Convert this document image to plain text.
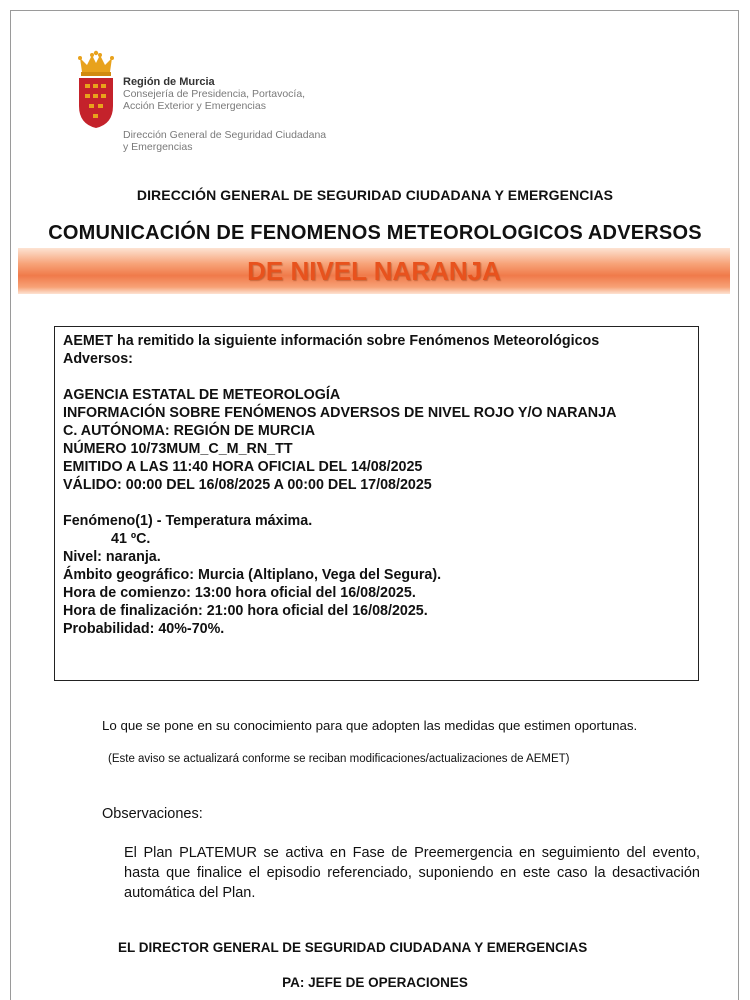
Región de Murcia
Consejería de Presidencia, Portavocía,
Acción Exterior y Emergencias
Dirección General de Seguridad Ciudadana
y Emergencias
DIRECCIÓN GENERAL DE SEGURIDAD CIUDADANA Y EMERGENCIAS
COMUNICACIÓN DE FENOMENOS METEOROLOGICOS ADVERSOS
DE NIVEL NARANJA

AEMET ha remitido la siguiente información sobre Fenómenos Meteorológicos

Adversos:

AGENCIA ESTATAL DE METEOROLOGÍA

INFORMACIÓN SOBRE FENÓMENOS ADVERSOS DE NIVEL ROJO Y/O NARANJA

C. AUTÓNOMA: REGIÓN DE MURCIA

NÚMERO 10/73MUM_C_M_RN_TT

EMITIDO A LAS 11:40 HORA OFICIAL DEL 14/08/2025

VÁLIDO: 00:00 DEL 16/08/2025 A 00:00 DEL 17/08/2025

Fenómeno(1) - Temperatura máxima.

41 ºC.

Nivel: naranja.

Ámbito geográfico: Murcia (Altiplano, Vega del Segura).

Hora de comienzo: 13:00 hora oficial del 16/08/2025.

Hora de finalización: 21:00 hora oficial del 16/08/2025.

Probabilidad: 40%-70%.

Lo que se pone en su conocimiento para que adopten las medidas que estimen oportunas.
(Este aviso se actualizará conforme se reciban modificaciones/actualizaciones de AEMET)
Observaciones:
El Plan PLATEMUR se activa en Fase de Preemergencia en seguimiento del evento, hasta que finalice el episodio referenciado, suponiendo en este caso la desactivación automática del Plan.
EL DIRECTOR GENERAL DE SEGURIDAD CIUDADANA Y EMERGENCIAS
PA: JEFE DE OPERACIONES
